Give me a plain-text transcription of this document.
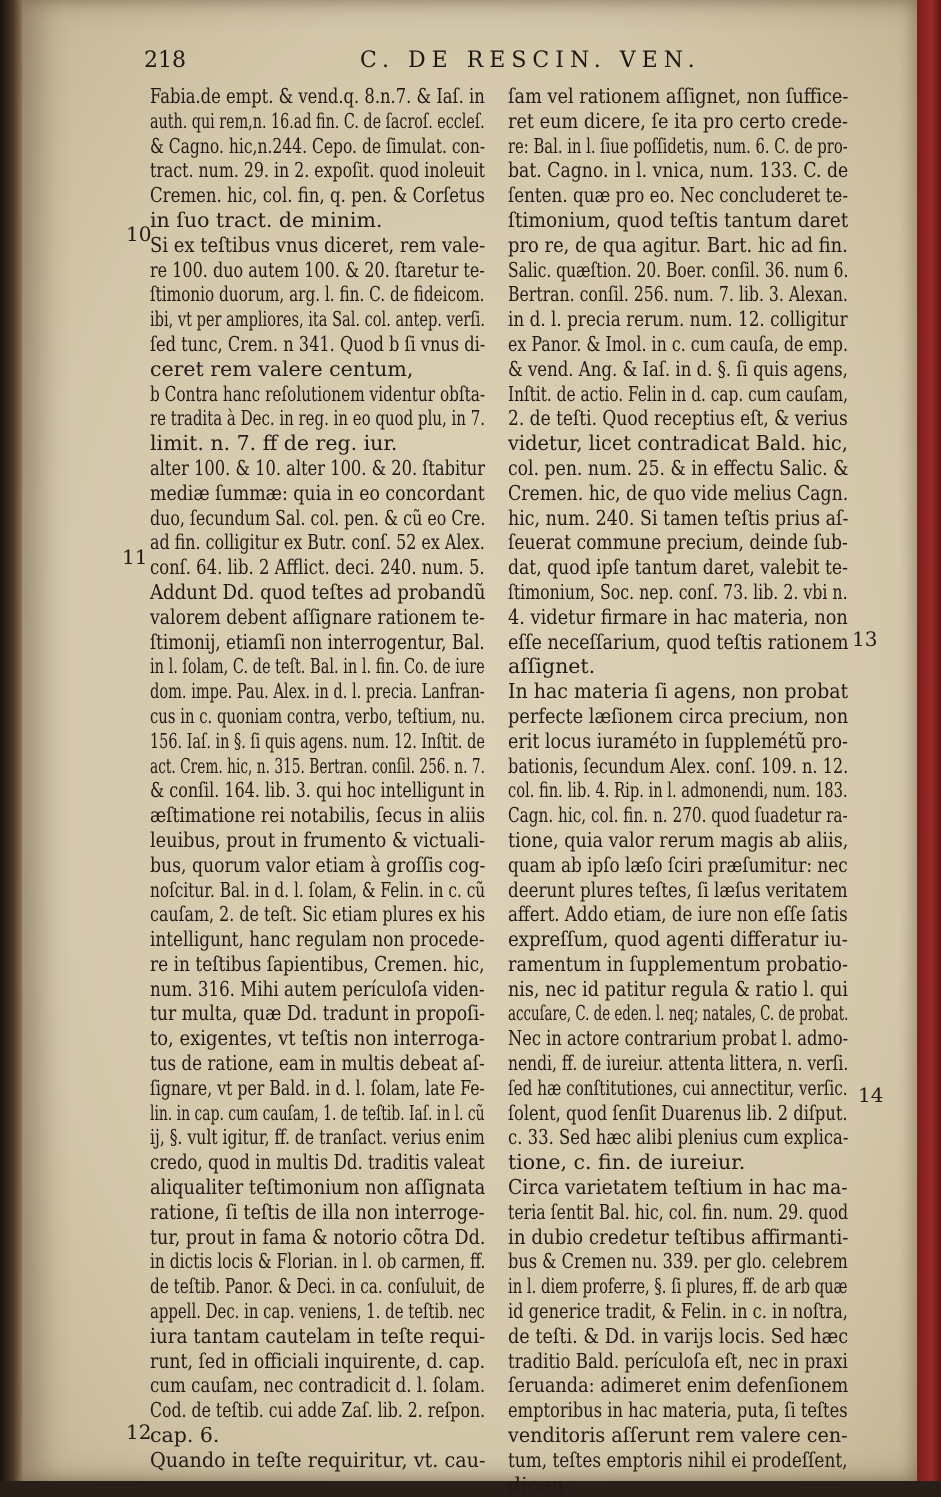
218	C. DE RESCIN. VEN.
10
11
12
13
14
Fabia.de empt. & vend.q. 8.n.7. & Iaſ. in
auth. qui rem,n. 16.ad fin. C. de ſacroſ. eccleſ.
& Cagno. hic,n.244. Cepo. de ſimulat. con-
tract. num. 29. in 2. expoſit. quod inoleuit
Cremen. hic, col. fin, q. pen. & Corſetus
in ſuo tract. de minim.
Si ex teſtibus vnus diceret, rem vale-
re 100. duo autem 100. & 20. ſtaretur te-
ſtimonio duorum, arg. l. fin. C. de fideicom.
ibi, vt per ampliores, ita Sal. col. antep. verſi.
ſed tunc, Crem. n 341. Quod b ſi vnus di-
ceret rem valere centum,
b Contra hanc reſolutionem videntur obſta-
re tradita à Dec. in reg. in eo quod plu, in 7.
limit. n. 7. ff de reg. iur.
alter 100. & 10. alter 100. & 20. ſtabitur
mediæ ſummæ: quia in eo concordant
duo, ſecundum Sal. col. pen. & cũ eo Cre.
ad fin. colligitur ex Butr. conſ. 52 ex Alex.
conſ. 64. lib. 2 Afflict. deci. 240. num. 5.
Addunt Dd. quod teſtes ad probandũ
valorem debent aſſignare rationem te-
ſtimonij, etiamſi non interrogentur, Bal.
in l. ſolam, C. de teſt. Bal. in l. fin. Co. de iure
dom. impe. Pau. Alex. in d. l. precia. Lanfran-
cus in c. quoniam contra, verbo, teſtium, nu.
156. Iaſ. in §. ſi quis agens. num. 12. Inſtit. de
act. Crem. hic, n. 315. Bertran. conſil. 256. n. 7.
& conſil. 164. lib. 3. qui hoc intelligunt in
æſtimatione rei notabilis, ſecus in aliis
leuibus, prout in frumento & victuali-
bus, quorum valor etiam à groſſis cog-
noſcitur. Bal. in d. l. ſolam, & Felin. in c. cũ
cauſam, 2. de teſt. Sic etiam plures ex his
intelligunt, hanc regulam non procede-
re in teſtibus ſapientibus, Cremen. hic,
num. 316. Mihi autem perículoſa viden-
tur multa, quæ Dd. tradunt in propoſi-
to, exigentes, vt teſtis non interroga-
tus de ratione, eam in multis debeat aſ-
ſignare, vt per Bald. in d. l. ſolam, late Fe-
lin. in cap. cum cauſam, 1. de teſtib. Iaſ. in l. cũ
ij, §. vult igitur, ff. de tranſact. verius enim
credo, quod in multis Dd. traditis valeat
aliqualiter teſtimonium non aſſignata
ratione, ſi teſtis de illa non interroge-
tur, prout in fama & notorio cõtra Dd.
in dictis locis & Florian. in l. ob carmen, ff.
de teſtib. Panor. & Deci. in ca. conſuluit, de
appell. Dec. in cap. veniens, 1. de teſtib. nec
iura tantam cautelam in teſte requi-
runt, ſed in officiali inquirente, d. cap.
cum cauſam, nec contradicit d. l. ſolam.
Cod. de teſtib. cui adde Zaſ. lib. 2. reſpon.
cap. 6.
Quando in teſte requiritur, vt. cau-
ſam vel rationem aſſignet, non ſuffice-
ret eum dicere, ſe ita pro certo crede-
re: Bal. in l. ſiue poſſidetis, num. 6. C. de pro-
bat. Cagno. in l. vnica, num. 133. C. de
ſenten. quæ pro eo. Nec concluderet te-
ſtimonium, quod teſtis tantum daret
pro re, de qua agitur. Bart. hic ad fin.
Salic. quæſtion. 20. Boer. conſil. 36. num 6.
Bertran. conſil. 256. num. 7. lib. 3. Alexan.
in d. l. precia rerum. num. 12. colligitur
ex Panor. & Imol. in c. cum cauſa, de emp.
& vend. Ang. & Iaſ. in d. §. ſi quis agens,
Inſtit. de actio. Felin in d. cap. cum cauſam,
2. de teſti. Quod receptius eſt, & verius
videtur, licet contradicat Bald. hic,
col. pen. num. 25. & in effectu Salic. &
Cremen. hic, de quo vide melius Cagn.
hic, num. 240. Si tamen teſtis prius aſ-
ſeuerat commune precium, deinde ſub-
dat, quod ipſe tantum daret, valebit te-
ſtimonium, Soc. nep. conſ. 73. lib. 2. vbi n.
4. videtur firmare in hac materia, non
eſſe neceſſarium, quod teſtis rationem
aſſignet.
In hac materia ſi agens, non probat
perfecte læſionem circa precium, non
erit locus iuraméto in ſupplemétũ pro-
bationis, ſecundum Alex. conſ. 109. n. 12.
col. fin. lib. 4. Rip. in l. admonendi, num. 183.
Cagn. hic, col. fin. n. 270. quod ſuadetur ra-
tione, quia valor rerum magis ab aliis,
quam ab ipſo læſo ſciri præſumitur: nec
deerunt plures teſtes, ſi læſus veritatem
affert. Addo etiam, de iure non eſſe ſatis
expreſſum, quod agenti differatur iu-
ramentum in ſupplementum probatio-
nis, nec id patitur regula & ratio l. qui
accuſare, C. de eden. l. neq; natales, C. de probat.
Nec in actore contrarium probat l. admo-
nendi, ff. de iureiur. attenta littera, n. verſi.
ſed hæ conſtitutiones, cui annectitur, verſic.
ſolent, quod ſenſit Duarenus lib. 2 diſput.
c. 33. Sed hæc alibi plenius cum explica-
tione, c. fin. de iureiur.
Circa varietatem teſtium in hac ma-
teria ſentit Bal. hic, col. fin. num. 29. quod
in dubio credetur teſtibus affirmanti-
bus & Cremen nu. 339. per glo. celebrem
in l. diem proferre, §. ſi plures, ff. de arb quæ
id generice tradit, & Felin. in c. in noſtra,
de teſti. & Dd. in varijs locis. Sed hæc
traditio Bald. perículoſa eſt, nec in praxi
ſeruanda: adimeret enim defenſionem
emptoribus in hac materia, puta, ſi teſtes
venditoris aſſerunt rem valere cen-
tum, teſtes emptoris nihil ei prodeſſent,
dicen-
